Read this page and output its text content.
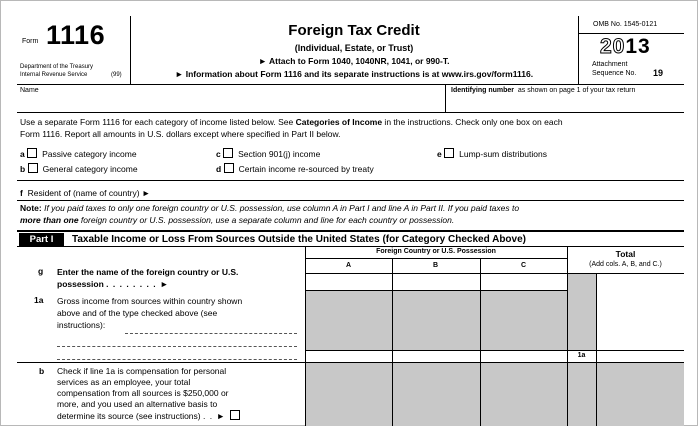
Form 1116
Department of the Treasury
Internal Revenue Service	(99)
Foreign Tax Credit
(Individual, Estate, or Trust)
► Attach to Form 1040, 1040NR, 1041, or 990-T.
► Information about Form 1116 and its separate instructions is at www.irs.gov/form1116.
OMB No. 1545-0121
2013
Attachment
Sequence No. 19
Name	Identifying number as shown on page 1 of your tax return
Use a separate Form 1116 for each category of income listed below. See Categories of Income in the instructions. Check only one box on each
Form 1116. Report all amounts in U.S. dollars except where specified in Part II below.
a Passive category income
b General category income
c Section 901(j) income
d Certain income re-sourced by treaty
e Lump-sum distributions
f Resident of (name of country) ►
Note: If you paid taxes to only one foreign country or U.S. possession, use column A in Part I and line A in Part II. If you paid taxes to
more than one foreign country or U.S. possession, use a separate column and line for each country or possession.
Part I	Taxable Income or Loss From Sources Outside the United States (for Category Checked Above)
Foreign Country or U.S. Possession
A	B	C
Total
(Add cols. A, B, and C.)
1a
g Enter the name of the foreign country or U.S.
possession . . . . . . . . ►
1a Gross income from sources within country shown
above and of the type checked above (see
instructions):
b Check if line 1a is compensation for personal
services as an employee, your total
compensation from all sources is $250,000 or
more, and you used an alternative basis to
determine its source (see instructions) . . ►
